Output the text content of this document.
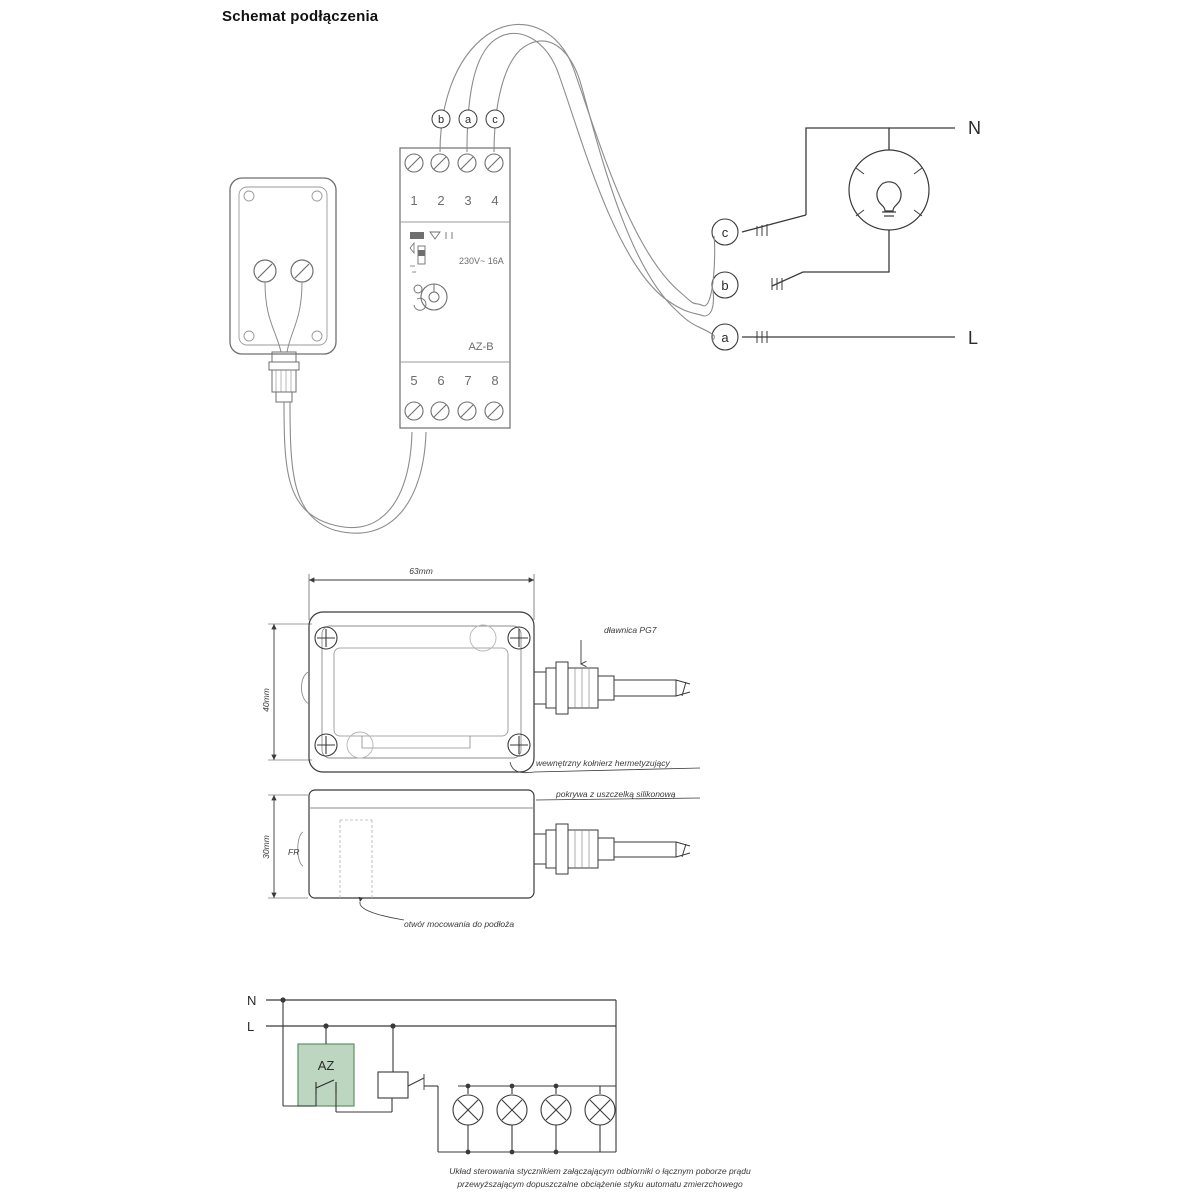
Schemat podłączenia
1 2 3 4
5 6 7 8
230V~ 16A
AZ-B
b a c	N
L
c
b
a
63mm
40mm
dławnica PG7
wewnętrzny kołnierz hermetyzujący
30mm FR
pokrywa z uszczelką silikonową
otwór mocowania do podłoża
N
L
AZ
Układ sterowania stycznikiem załączającym odbiorniki o łącznym poborze prądu
przewyższającym dopuszczalne obciążenie styku automatu zmierzchowego
